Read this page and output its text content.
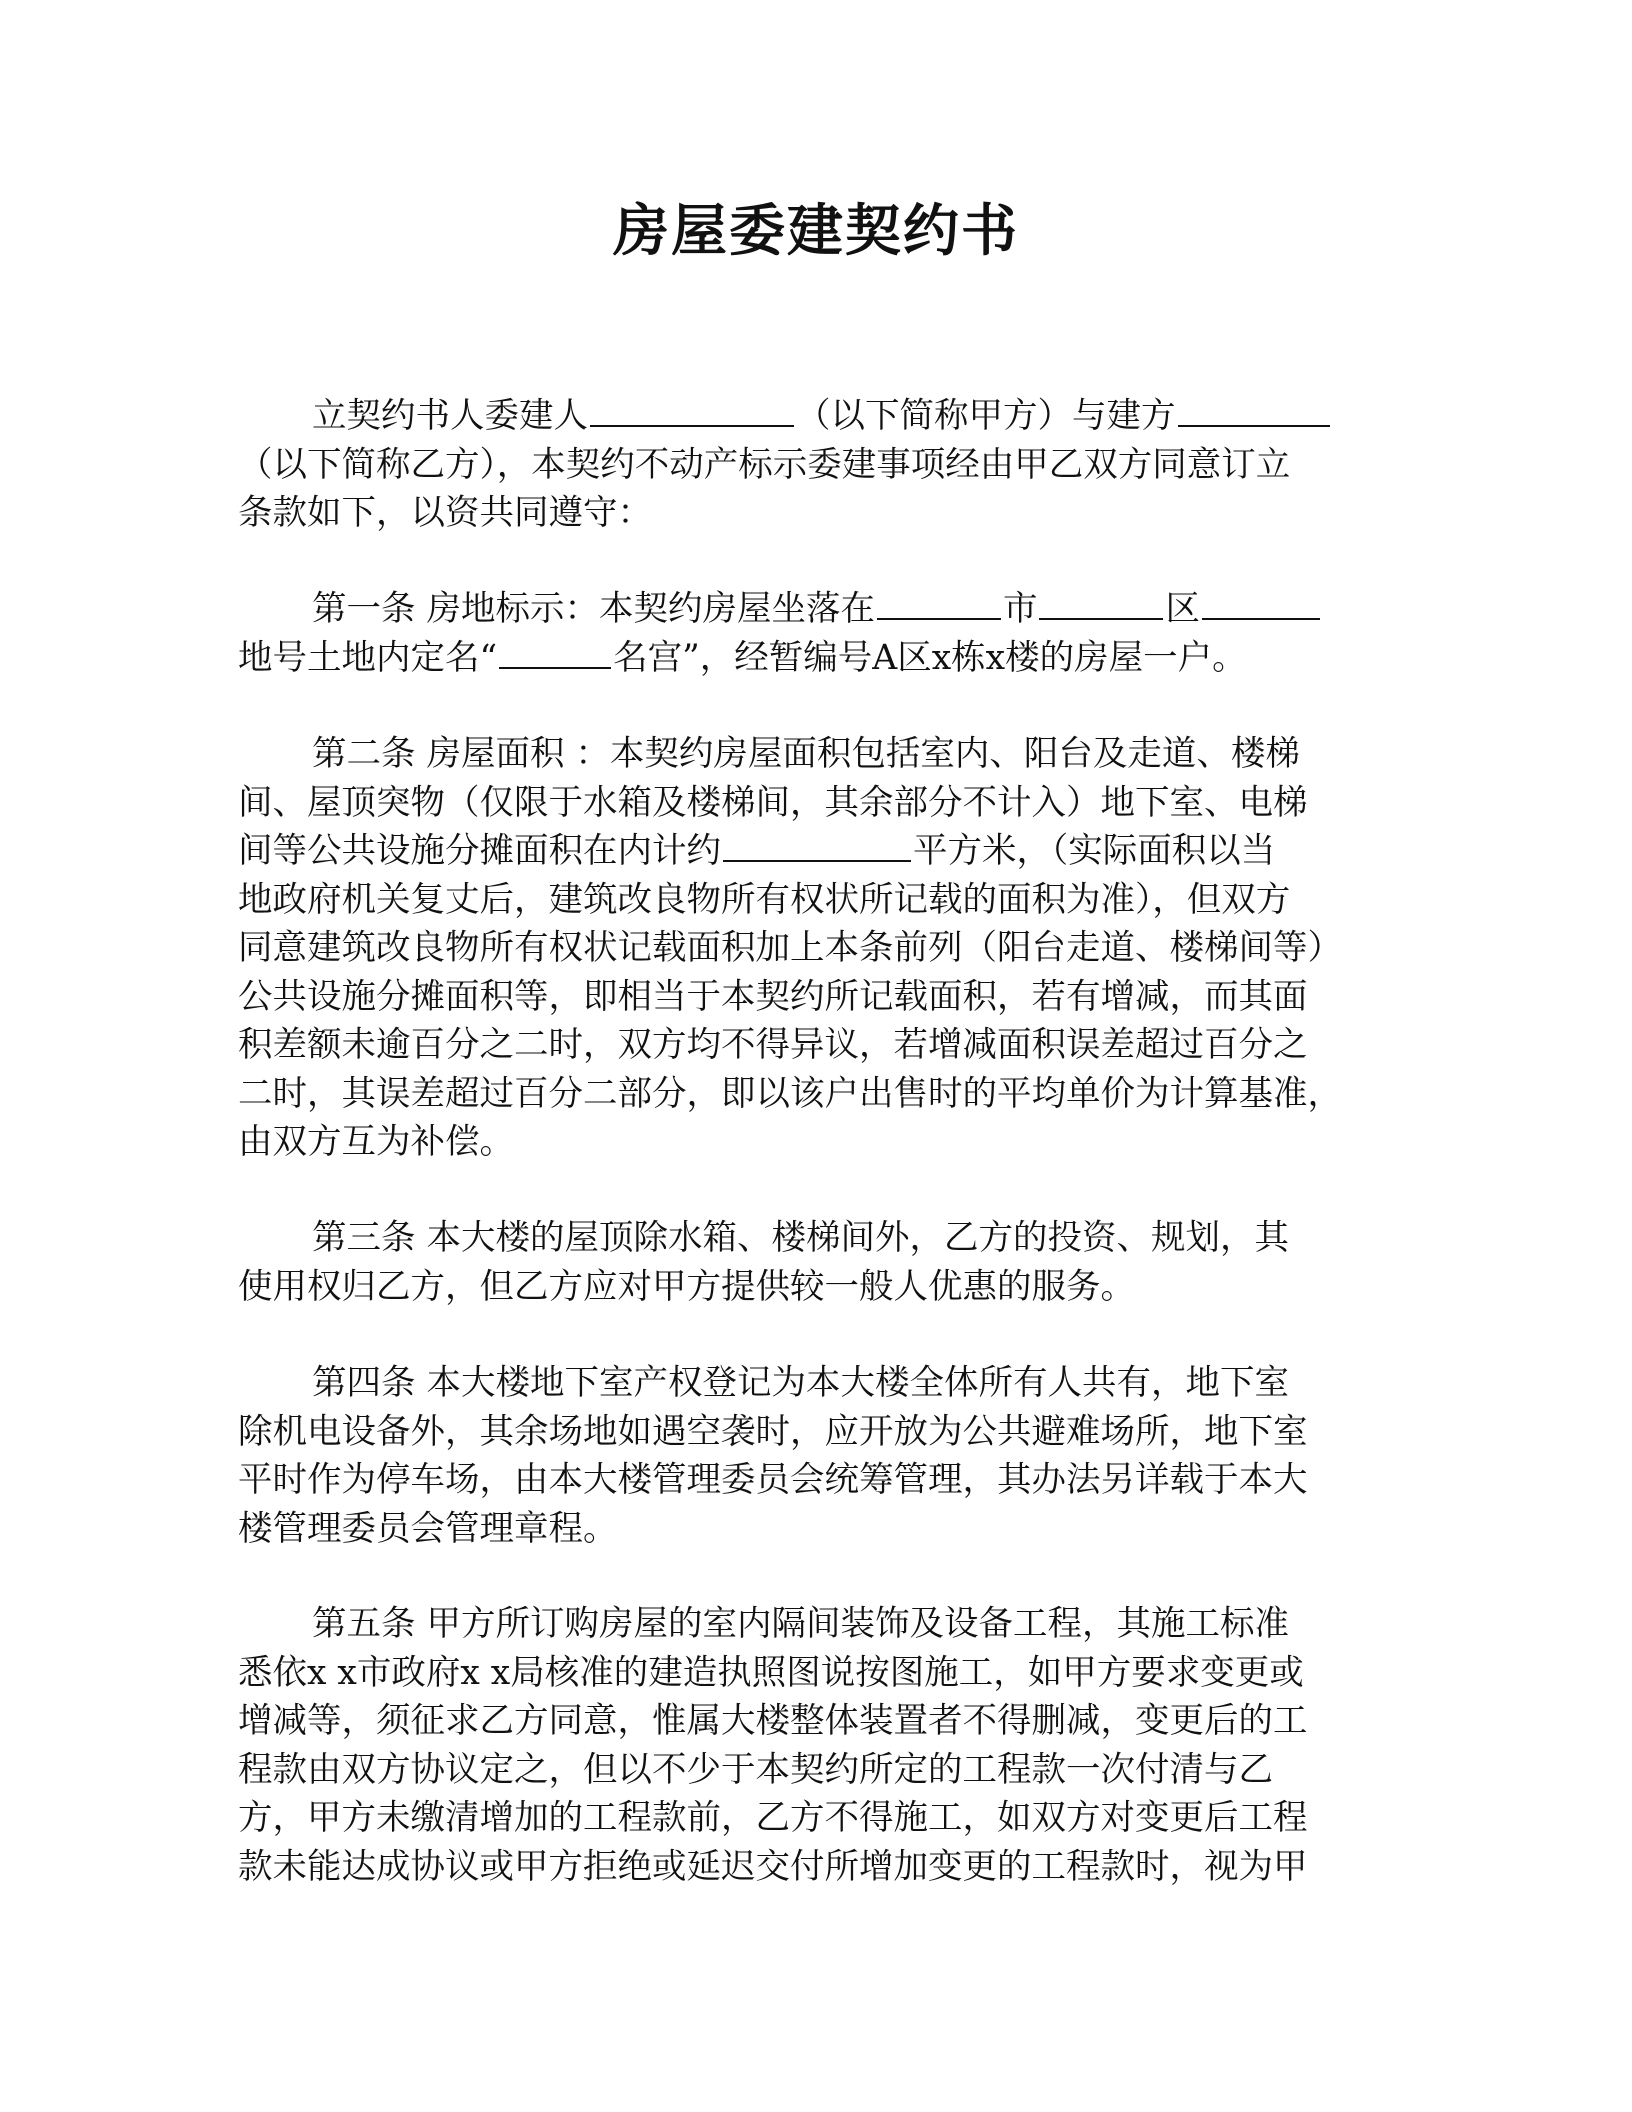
房屋委建契约书
立契约书人委建人	（以下简称甲方）与建方
（以下简称乙方），本契约不动产标示委建事项经由甲乙双方同意订立
条款如下，以资共同遵守：
第一条 房地标示：本契约房屋坐落在	市	区
地号土地内定名“	名宫”，经暂编号A区x栋x楼的房屋一户。
第二条 房屋面积 ：本契约房屋面积包括室内、阳台及走道、楼梯
间、屋顶突物（仅限于水箱及楼梯间，其余部分不计入）地下室、电梯
间等公共设施分摊面积在内计约	平方米，（实际面积以当
地政府机关复丈后，建筑改良物所有权状所记载的面积为准），但双方
同意建筑改良物所有权状记载面积加上本条前列（阳台走道、楼梯间等）
公共设施分摊面积等，即相当于本契约所记载面积，若有增减，而其面
积差额未逾百分之二时，双方均不得异议，若增减面积误差超过百分之
二时，其误差超过百分二部分，即以该户出售时的平均单价为计算基准，
由双方互为补偿。
第三条 本大楼的屋顶除水箱、楼梯间外，乙方的投资、规划，其
使用权归乙方，但乙方应对甲方提供较一般人优惠的服务。
第四条 本大楼地下室产权登记为本大楼全体所有人共有，地下室
除机电设备外，其余场地如遇空袭时，应开放为公共避难场所，地下室
平时作为停车场，由本大楼管理委员会统筹管理，其办法另详载于本大
楼管理委员会管理章程。
第五条 甲方所订购房屋的室内隔间装饰及设备工程，其施工标准
悉依x x市政府x x局核准的建造执照图说按图施工，如甲方要求变更或
增减等，须征求乙方同意，惟属大楼整体装置者不得删减，变更后的工
程款由双方协议定之，但以不少于本契约所定的工程款一次付清与乙
方，甲方未缴清增加的工程款前，乙方不得施工，如双方对变更后工程
款未能达成协议或甲方拒绝或延迟交付所增加变更的工程款时，视为甲
